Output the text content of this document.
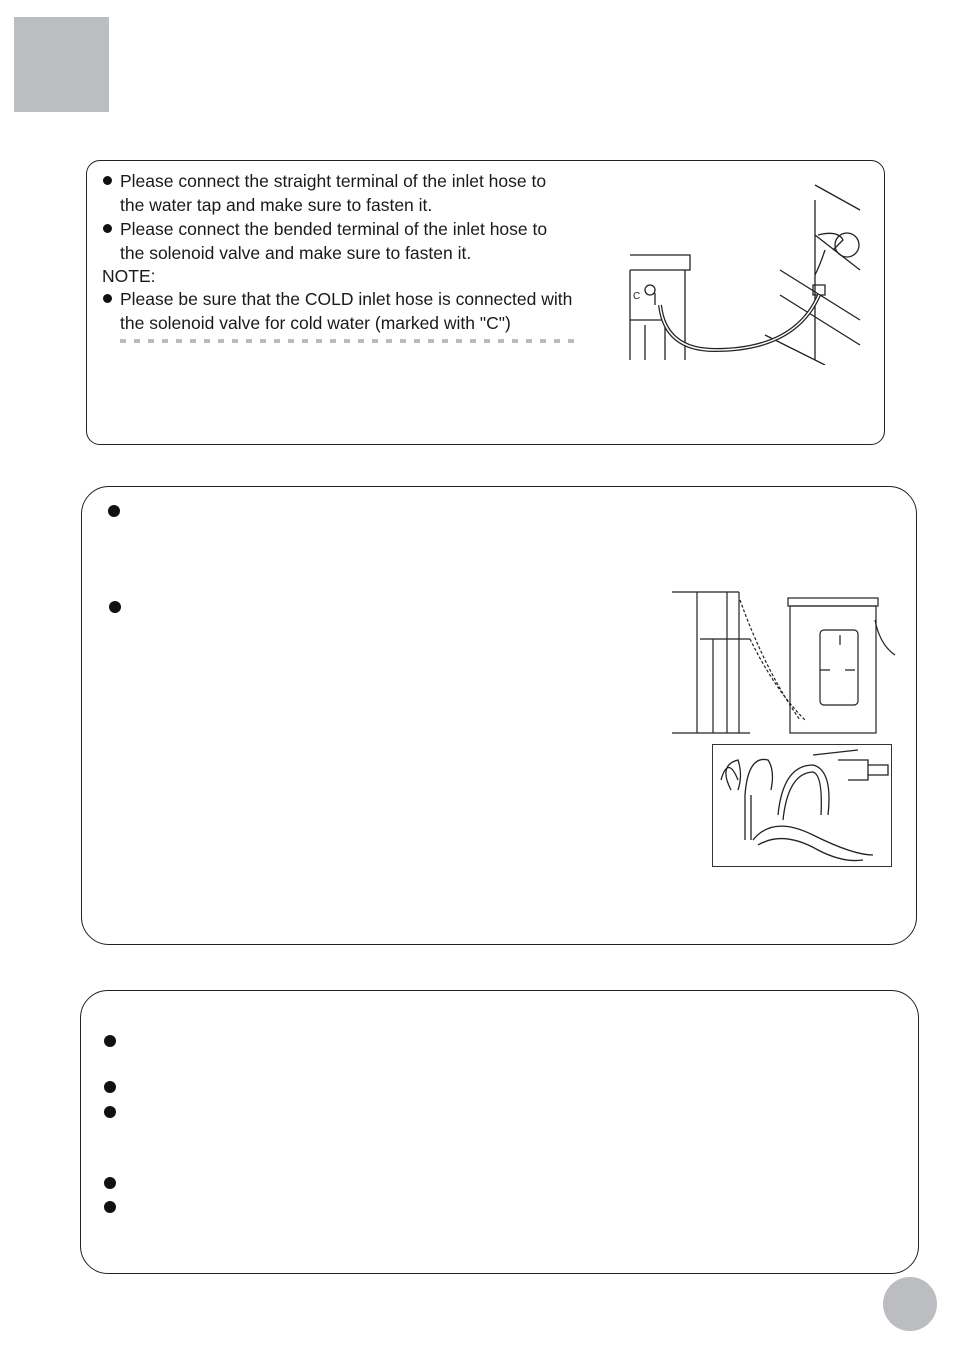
Please connect the straight terminal of the inlet hose to
the water tap and make sure to fasten it.
Please connect the bended terminal of the inlet hose to
the solenoid valve and make sure to fasten it.
NOTE:
Please be sure that the COLD inlet hose is connected with
the solenoid valve for cold water (marked with "C")
C
